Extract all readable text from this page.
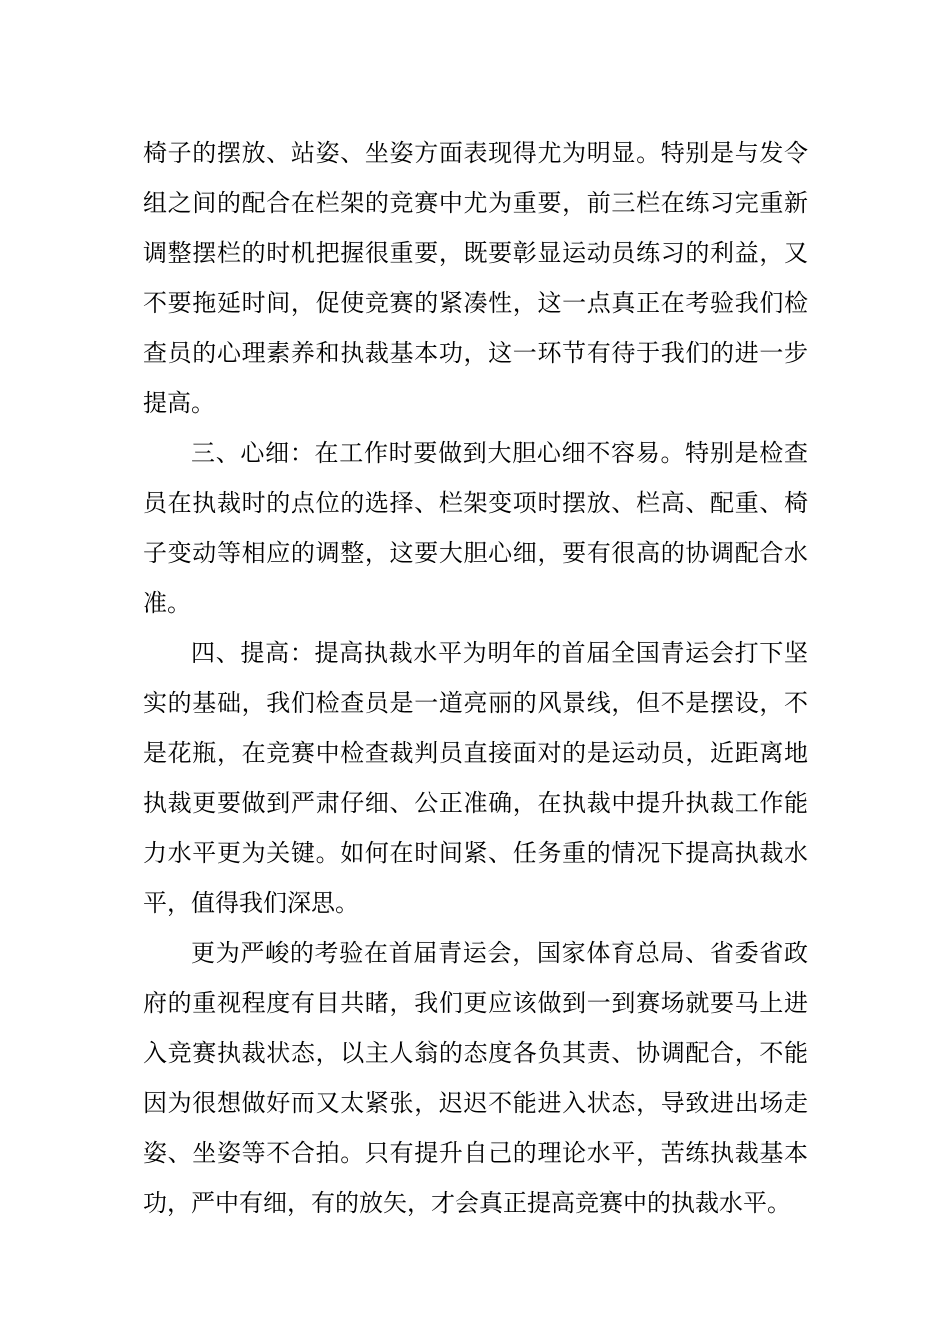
椅子的摆放、站姿、坐姿方面表现得尤为明显。特别是与发令
组之间的配合在栏架的竞赛中尤为重要，前三栏在练习完重新
调整摆栏的时机把握很重要，既要彰显运动员练习的利益，又
不要拖延时间，促使竞赛的紧凑性，这一点真正在考验我们检
查员的心理素养和执裁基本功，这一环节有待于我们的进一步
提高。
三、心细：在工作时要做到大胆心细不容易。特别是检查
员在执裁时的点位的选择、栏架变项时摆放、栏高、配重、椅
子变动等相应的调整，这要大胆心细，要有很高的协调配合水
准。
四、提高：提高执裁水平为明年的首届全国青运会打下坚
实的基础，我们检查员是一道亮丽的风景线，但不是摆设，不
是花瓶，在竞赛中检查裁判员直接面对的是运动员，近距离地
执裁更要做到严肃仔细、公正准确，在执裁中提升执裁工作能
力水平更为关键。如何在时间紧、任务重的情况下提高执裁水
平，值得我们深思。
更为严峻的考验在首届青运会，国家体育总局、省委省政
府的重视程度有目共睹，我们更应该做到一到赛场就要马上进
入竞赛执裁状态，以主人翁的态度各负其责、协调配合，不能
因为很想做好而又太紧张，迟迟不能进入状态，导致进出场走
姿、坐姿等不合拍。只有提升自己的理论水平，苦练执裁基本
功，严中有细，有的放矢，才会真正提高竞赛中的执裁水平。
